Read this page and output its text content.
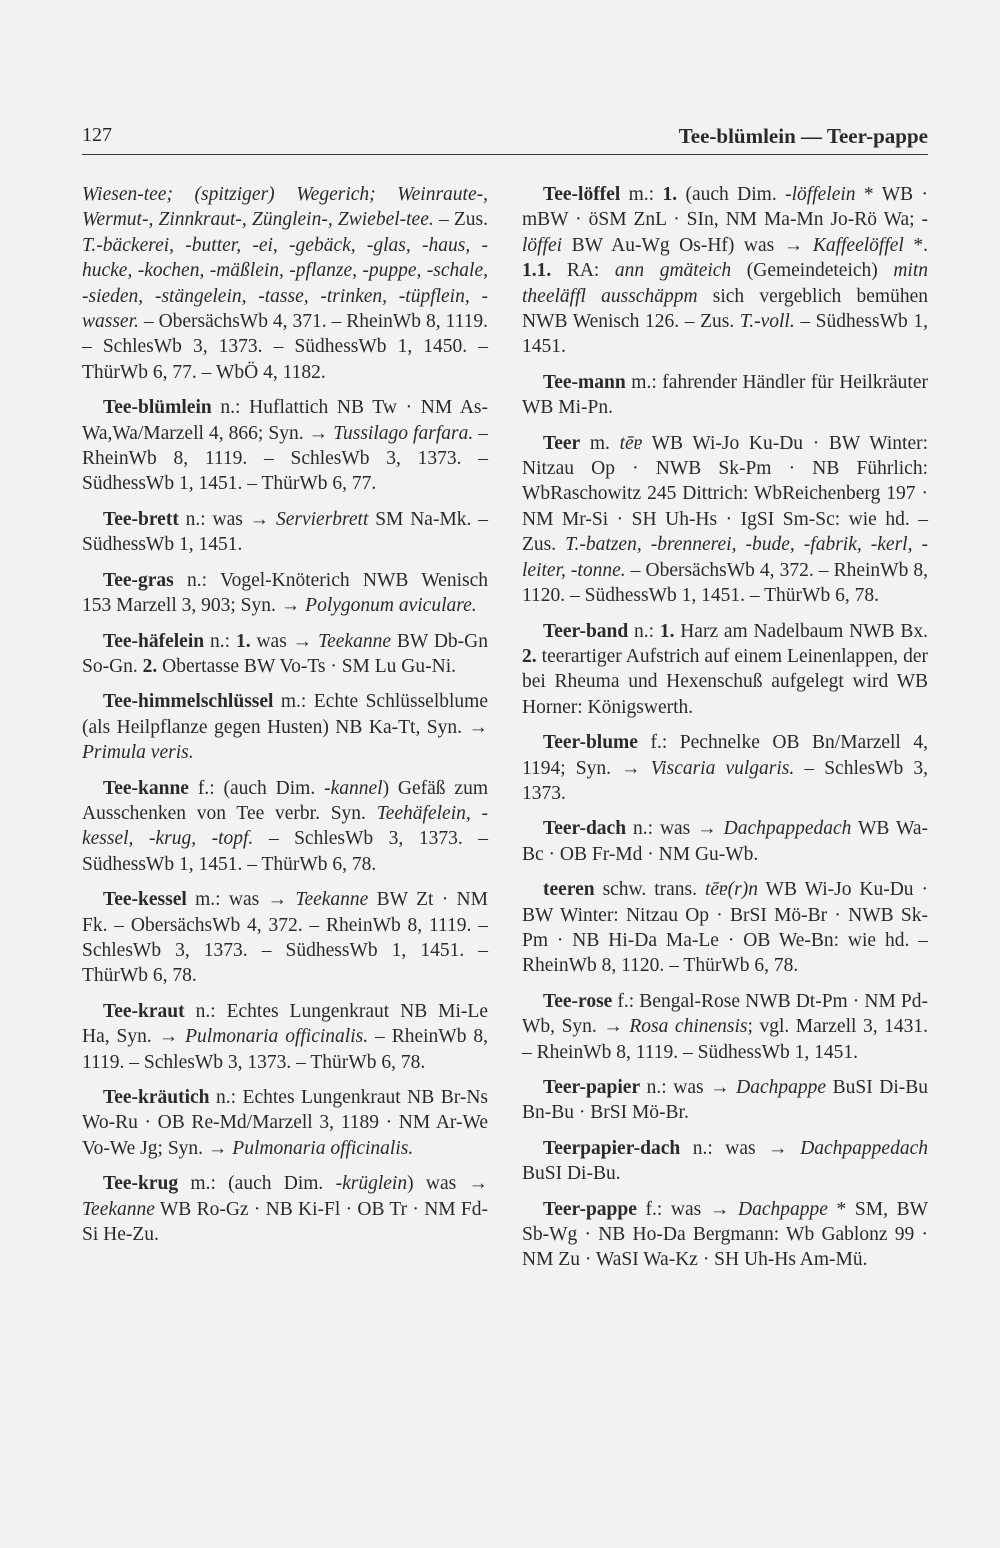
127	Tee-blümlein — Teer-pappe

Wiesen-tee; (spitziger) Wegerich; Weinraute-, Wermut-, Zinnkraut-, Zünglein-, Zwiebel-tee. – Zus. T.-bäckerei, -butter, -ei, -gebäck, -glas, -haus, -hucke, -kochen, -mäßlein, -pflanze, -puppe, -schale, -sieden, -stängelein, -tasse, -trinken, -tüpflein, -wasser. – ObersächsWb 4, 371. – RheinWb 8, 1119. – SchlesWb 3, 1373. – SüdhessWb 1, 1450. – ThürWb 6, 77. – WbÖ 4, 1182.

Tee-blümlein n.: Huflattich NB Tw · NM As-Wa,Wa/Marzell 4, 866; Syn. → Tussilago farfara. – RheinWb 8, 1119. – SchlesWb 3, 1373. – SüdhessWb 1, 1451. – ThürWb 6, 77.

Tee-brett n.: was → Servierbrett SM Na-Mk. – SüdhessWb 1, 1451.

Tee-gras n.: Vogel-Knöterich NWB Wenisch 153 Marzell 3, 903; Syn. → Polygonum aviculare.

Tee-häfelein n.: 1. was → Teekanne BW Db-Gn So-Gn. 2. Obertasse BW Vo-Ts · SM Lu Gu-Ni.

Tee-himmelschlüssel m.: Echte Schlüsselblume (als Heilpflanze gegen Husten) NB Ka-Tt, Syn. → Primula veris.

Tee-kanne f.: (auch Dim. -kannel) Gefäß zum Ausschenken von Tee verbr. Syn. Teehäfelein, -kessel, -krug, -topf. – SchlesWb 3, 1373. – SüdhessWb 1, 1451. – ThürWb 6, 78.

Tee-kessel m.: was → Teekanne BW Zt · NM Fk. – ObersächsWb 4, 372. – RheinWb 8, 1119. – SchlesWb 3, 1373. – SüdhessWb 1, 1451. – ThürWb 6, 78.

Tee-kraut n.: Echtes Lungenkraut NB Mi-Le Ha, Syn. → Pulmonaria officinalis. – RheinWb 8, 1119. – SchlesWb 3, 1373. – ThürWb 6, 78.

Tee-kräutich n.: Echtes Lungenkraut NB Br-Ns Wo-Ru · OB Re-Md/Marzell 3, 1189 · NM Ar-We Vo-We Jg; Syn. → Pulmonaria officinalis.

Tee-krug m.: (auch Dim. -krüglein) was → Teekanne WB Ro-Gz · NB Ki-Fl · OB Tr · NM Fd-Si He-Zu.

Tee-löffel m.: 1. (auch Dim. -löffelein * WB · mBW · öSM ZnL · SIn, NM Ma-Mn Jo-Rö Wa; -löffei BW Au-Wg Os-Hf) was → Kaffeelöffel *. 1.1. RA: ann gmäteich (Gemeindeteich) mitn theeläffl ausschäppm sich vergeblich bemühen NWB Wenisch 126. – Zus. T.-voll. – SüdhessWb 1, 1451.

Tee-mann m.: fahrender Händler für Heilkräuter WB Mi-Pn.

Teer m. tēɐ WB Wi-Jo Ku-Du · BW Winter: Nitzau Op · NWB Sk-Pm · NB Führlich: WbRaschowitz 245 Dittrich: WbReichenberg 197 · NM Mr-Si · SH Uh-Hs · IgSI Sm-Sc: wie hd. – Zus. T.-batzen, -brennerei, -bude, -fabrik, -kerl, -leiter, -tonne. – ObersächsWb 4, 372. – RheinWb 8, 1120. – SüdhessWb 1, 1451. – ThürWb 6, 78.

Teer-band n.: 1. Harz am Nadelbaum NWB Bx. 2. teerartiger Aufstrich auf einem Leinenlappen, der bei Rheuma und Hexenschuß aufgelegt wird WB Horner: Königswerth.

Teer-blume f.: Pechnelke OB Bn/Marzell 4, 1194; Syn. → Viscaria vulgaris. – SchlesWb 3, 1373.

Teer-dach n.: was → Dachpappedach WB Wa-Bc · OB Fr-Md · NM Gu-Wb.

teeren schw. trans. tēɐ(r)n WB Wi-Jo Ku-Du · BW Winter: Nitzau Op · BrSI Mö-Br · NWB Sk-Pm · NB Hi-Da Ma-Le · OB We-Bn: wie hd. – RheinWb 8, 1120. – ThürWb 6, 78.

Tee-rose f.: Bengal-Rose NWB Dt-Pm · NM Pd-Wb, Syn. → Rosa chinensis; vgl. Marzell 3, 1431. – RheinWb 8, 1119. – SüdhessWb 1, 1451.

Teer-papier n.: was → Dachpappe BuSI Di-Bu Bn-Bu · BrSI Mö-Br.

Teerpapier-dach n.: was → Dachpappedach BuSI Di-Bu.

Teer-pappe f.: was → Dachpappe * SM, BW Sb-Wg · NB Ho-Da Bergmann: Wb Gablonz 99 · NM Zu · WaSI Wa-Kz · SH Uh-Hs Am-Mü.
